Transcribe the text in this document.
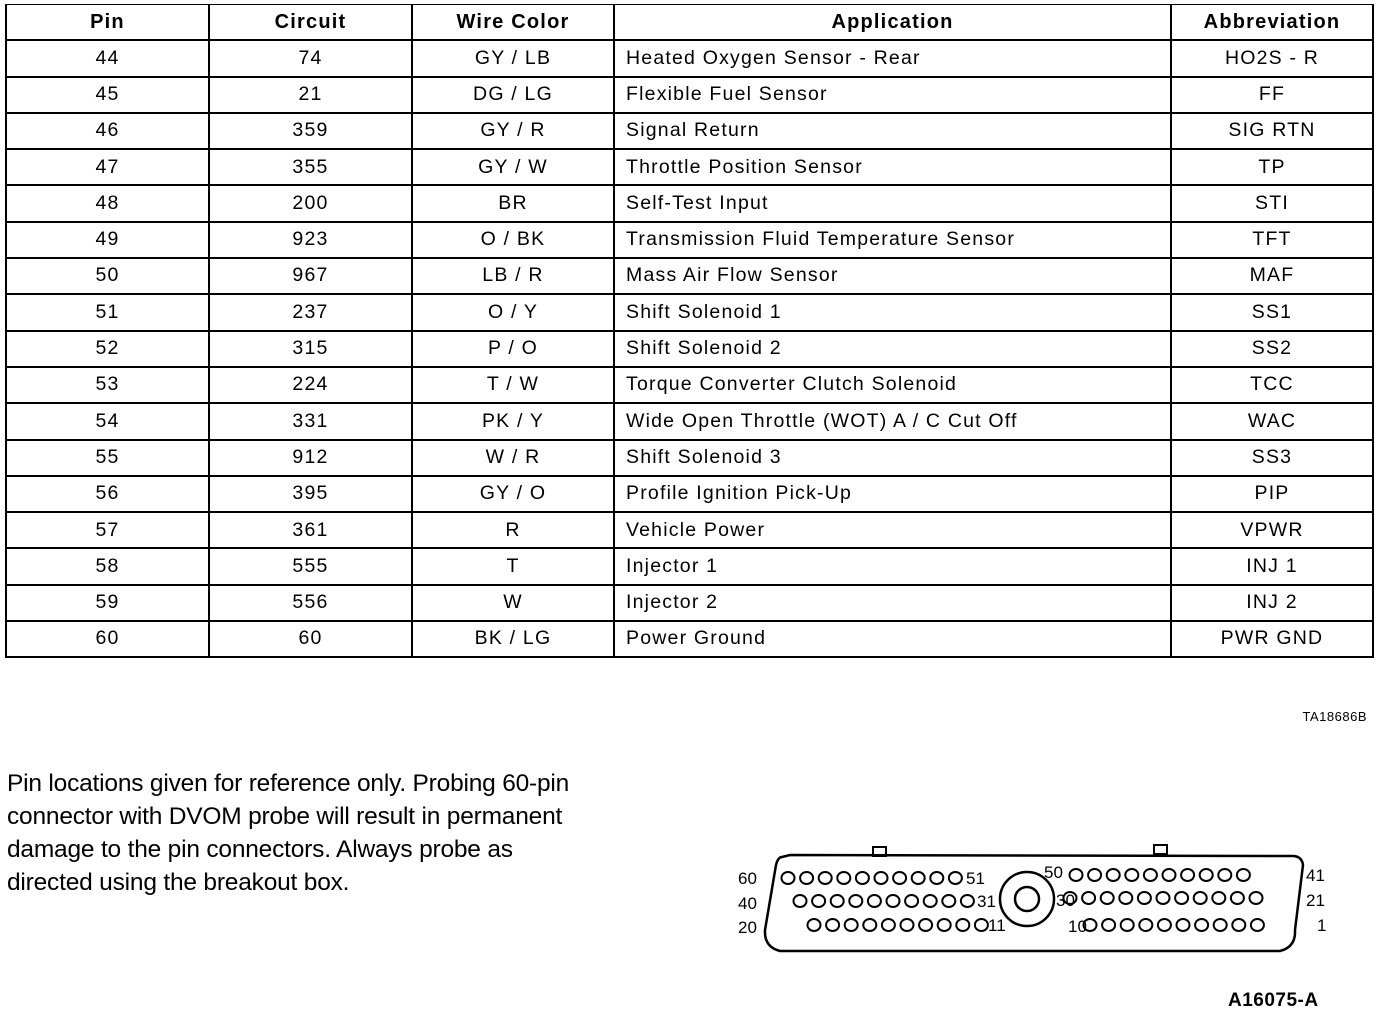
Pin	Circuit	Wire Color	Application	Abbreviation
44	74	GY / LB	Heated Oxygen Sensor - Rear	HO2S - R
45	21	DG / LG	Flexible Fuel Sensor	FF
46	359	GY / R	Signal Return	SIG RTN
47	355	GY / W	Throttle Position Sensor	TP
48	200	BR	Self-Test Input	STI
49	923	O / BK	Transmission Fluid Temperature Sensor	TFT
50	967	LB / R	Mass Air Flow Sensor	MAF
51	237	O / Y	Shift Solenoid 1	SS1
52	315	P / O	Shift Solenoid 2	SS2
53	224	T / W	Torque Converter Clutch Solenoid	TCC
54	331	PK / Y	Wide Open Throttle (WOT) A / C Cut Off	WAC
55	912	W / R	Shift Solenoid 3	SS3
56	395	GY / O	Profile Ignition Pick-Up	PIP
57	361	R	Vehicle Power	VPWR
58	555	T	Injector 1	INJ 1
59	556	W	Injector 2	INJ 2
60	60	BK / LG	Power Ground	PWR GND
TA18686B
Pin locations given for reference only. Probing 60-pin
connector with DVOM probe will result in permanent
damage to the pin connectors. Always probe as
directed using the breakout box.	60	51	50	41
40	31	30	21
20	11	10	1
A16075-A
